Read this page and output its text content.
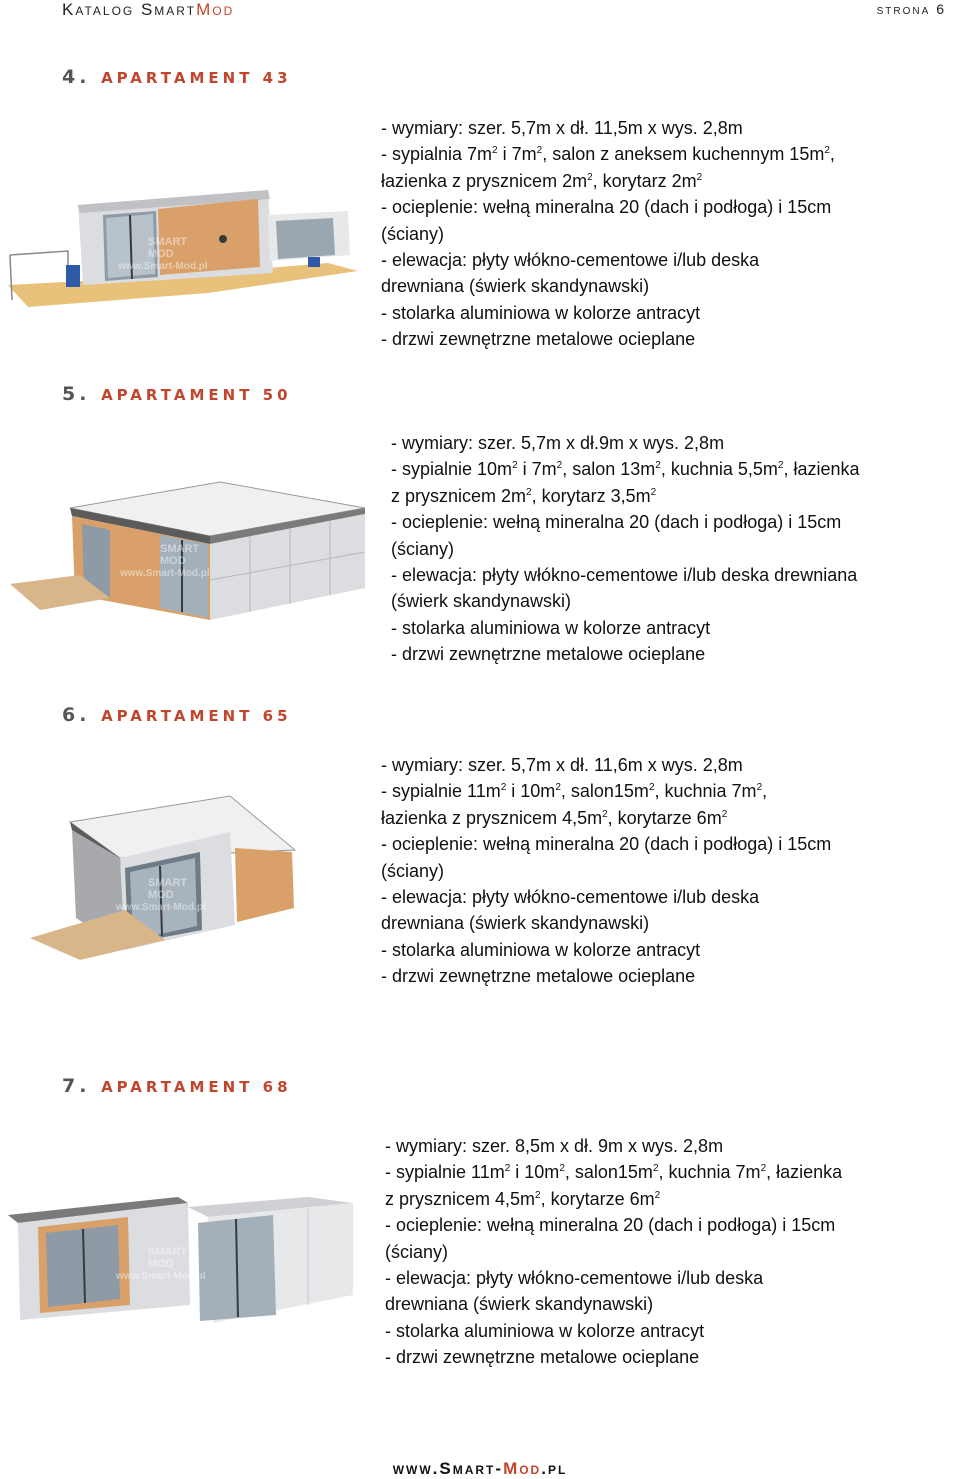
Katalog SmartMod	strona 6
4. APARTAMENT 43
SMART
MOD
www.Smart-Mod.pl
- wymiary: szer. 5,7m x dł. 11,5m x wys. 2,8m
- sypialnia $7m^2$ i $7m^2$, salon z aneksem kuchennym $15m^2$,
łazienka z prysznicem $2m^2$, korytarz $2m^2$
- ocieplenie: wełną mineralna 20 (dach i podłoga) i 15cm
(ściany)
- elewacja: płyty włókno-cementowe i/lub deska
drewniana (świerk skandynawski)
- stolarka aluminiowa w kolorze antracyt
- drzwi zewnętrzne metalowe ocieplane
5. APARTAMENT 50
SMART
MOD
www.Smart-Mod.pl
- wymiary: szer. 5,7m x dł.9m x wys. 2,8m
- sypialnie $10m^2$ i $7m^2$, salon $13m^2$, kuchnia $5,5m^2$, łazienka
z prysznicem $2m^2$, korytarz $3,5m^2$
- ocieplenie: wełną mineralna 20 (dach i podłoga) i 15cm
(ściany)
- elewacja: płyty włókno-cementowe i/lub deska drewniana
(świerk skandynawski)
- stolarka aluminiowa w kolorze antracyt
- drzwi zewnętrzne metalowe ocieplane
6. APARTAMENT 65
SMART
MOD
www.Smart-Mod.pl
- wymiary: szer. 5,7m x dł. 11,6m x wys. 2,8m
- sypialnie $11m^2$ i $10m^2$, $salon15m^2$, kuchnia $7m^2$,
łazienka z prysznicem $4,5m^2$, korytarze $6m^2$
- ocieplenie: wełną mineralna 20 (dach i podłoga) i 15cm
(ściany)
- elewacja: płyty włókno-cementowe i/lub deska
drewniana (świerk skandynawski)
- stolarka aluminiowa w kolorze antracyt
- drzwi zewnętrzne metalowe ocieplane
7. APARTAMENT 68
SMART
MOD
www.Smart-Mod.pl
- wymiary: szer. 8,5m x dł. 9m x wys. 2,8m
- sypialnie $11m^2$ i $10m^2$, $salon15m^2$, kuchnia $7m^2$, łazienka
z prysznicem $4,5m^2$, korytarze $6m^2$
- ocieplenie: wełną mineralna 20 (dach i podłoga) i 15cm
(ściany)
- elewacja: płyty włókno-cementowe i/lub deska
drewniana (świerk skandynawski)
- stolarka aluminiowa w kolorze antracyt
- drzwi zewnętrzne metalowe ocieplane
www.Smart-Mod.pl
